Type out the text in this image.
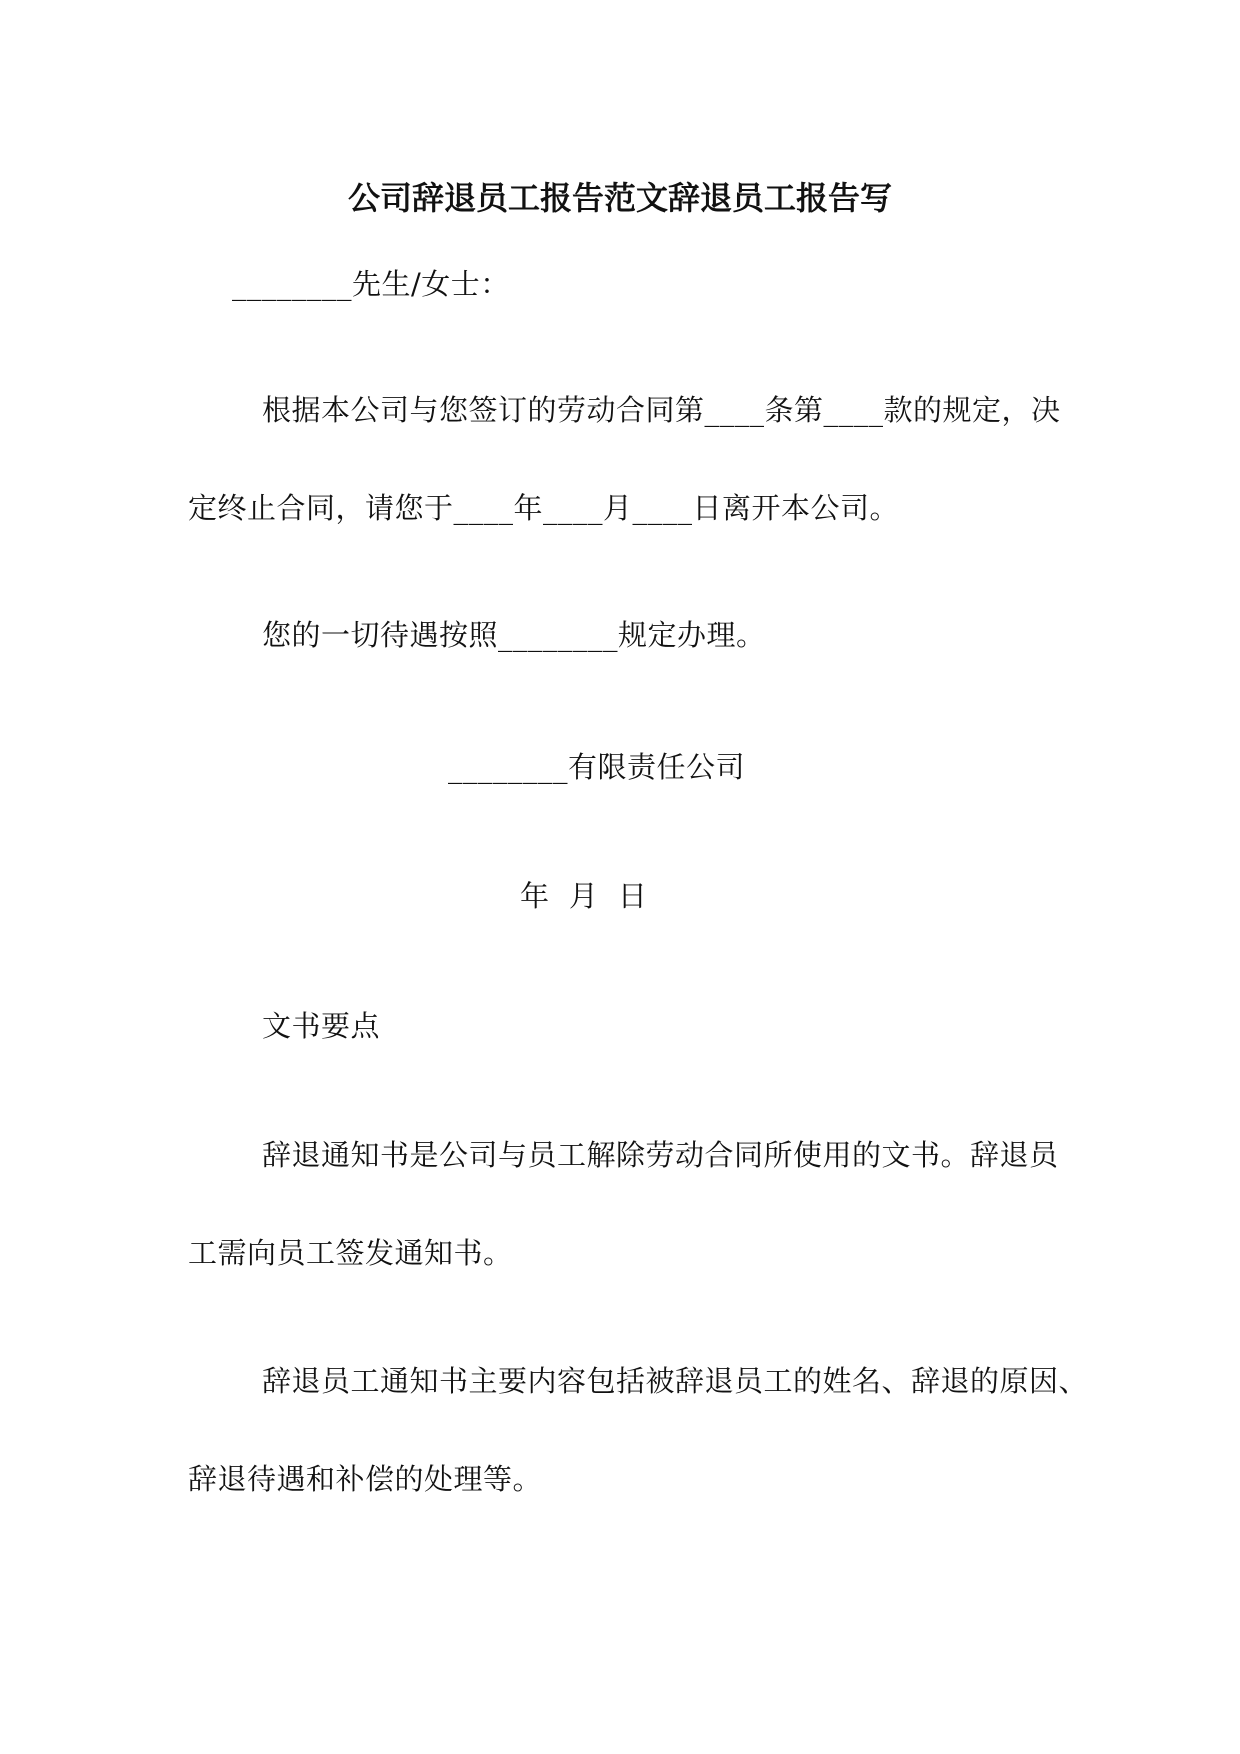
公司辞退员工报告范文辞退员工报告写
________先生/女士：
根据本公司与您签订的劳动合同第____条第____款的规定，决
定终止合同，请您于____年____月____日离开本公司。
您的一切待遇按照________规定办理。
________有限责任公司
年  月  日
文书要点
辞退通知书是公司与员工解除劳动合同所使用的文书。辞退员
工需向员工签发通知书。
辞退员工通知书主要内容包括被辞退员工的姓名、辞退的原因、
辞退待遇和补偿的处理等。
